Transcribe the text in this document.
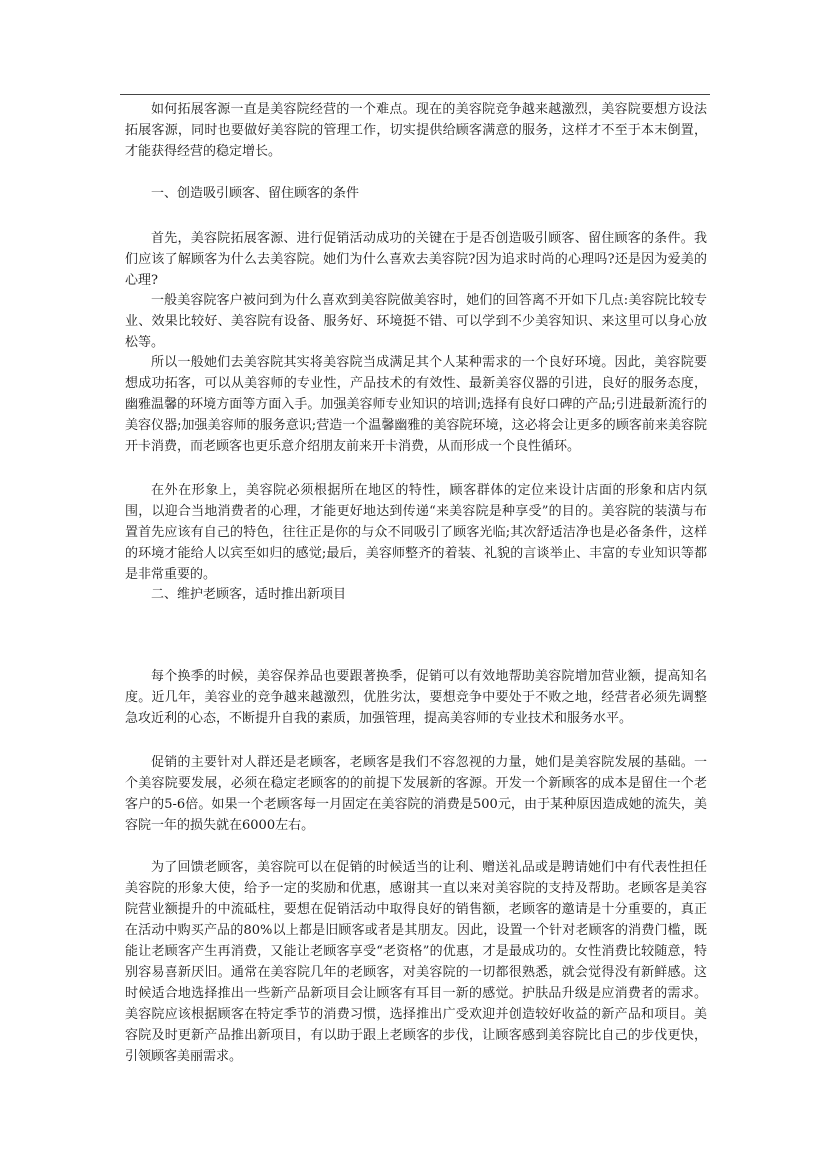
如何拓展客源一直是美容院经营的一个难点。现在的美容院竞争越来越激烈，美容院要想方设法拓展客源，同时也要做好美容院的管理工作，切实提供给顾客满意的服务，这样才不至于本末倒置，才能获得经营的稳定增长。

一、创造吸引顾客、留住顾客的条件

首先，美容院拓展客源、进行促销活动成功的关键在于是否创造吸引顾客、留住顾客的条件。我们应该了解顾客为什么去美容院。她们为什么喜欢去美容院?因为追求时尚的心理吗?还是因为爱美的心理?

一般美容院客户被问到为什么喜欢到美容院做美容时，她们的回答离不开如下几点:美容院比较专业、效果比较好、美容院有设备、服务好、环境挺不错、可以学到不少美容知识、来这里可以身心放松等。

所以一般她们去美容院其实将美容院当成满足其个人某种需求的一个良好环境。因此，美容院要想成功拓客，可以从美容师的专业性，产品技术的有效性、最新美容仪器的引进，良好的服务态度，幽雅温馨的环境方面等方面入手。加强美容师专业知识的培训;选择有良好口碑的产品;引进最新流行的美容仪器;加强美容师的服务意识;营造一个温馨幽雅的美容院环境，这必将会让更多的顾客前来美容院开卡消费，而老顾客也更乐意介绍朋友前来开卡消费，从而形成一个良性循环。

在外在形象上，美容院必须根据所在地区的特性，顾客群体的定位来设计店面的形象和店内氛围，以迎合当地消费者的心理，才能更好地达到传递“来美容院是种享受”的目的。美容院的装潢与布置首先应该有自己的特色，往往正是你的与众不同吸引了顾客光临;其次舒适洁净也是必备条件，这样的环境才能给人以宾至如归的感觉;最后，美容师整齐的着装、礼貌的言谈举止、丰富的专业知识等都是非常重要的。

二、维护老顾客，适时推出新项目

每个换季的时候，美容保养品也要跟著换季，促销可以有效地帮助美容院增加营业额，提高知名度。近几年，美容业的竞争越来越激烈，优胜劣汰，要想竞争中要处于不败之地，经营者必须先调整急攻近利的心态，不断提升自我的素质，加强管理，提高美容师的专业技术和服务水平。

促销的主要针对人群还是老顾客，老顾客是我们不容忽视的力量，她们是美容院发展的基础。一个美容院要发展，必须在稳定老顾客的的前提下发展新的客源。开发一个新顾客的成本是留住一个老客户的5-6倍。如果一个老顾客每一月固定在美容院的消费是500元，由于某种原因造成她的流失，美容院一年的损失就在6000左右。

为了回馈老顾客，美容院可以在促销的时候适当的让利、赠送礼品或是聘请她们中有代表性担任美容院的形象大使，给予一定的奖励和优惠，感谢其一直以来对美容院的支持及帮助。老顾客是美容院营业额提升的中流砥柱，要想在促销活动中取得良好的销售额，老顾客的邀请是十分重要的，真正在活动中购买产品的80%以上都是旧顾客或者是其朋友。因此，设置一个针对老顾客的消费门槛，既能让老顾客产生再消费，又能让老顾客享受“老资格”的优惠，才是最成功的。女性消费比较随意，特别容易喜新厌旧。通常在美容院几年的老顾客，对美容院的一切都很熟悉，就会觉得没有新鲜感。这时候适合地选择推出一些新产品新项目会让顾客有耳目一新的感觉。护肤品升级是应消费者的需求。美容院应该根据顾客在特定季节的消费习惯，选择推出广受欢迎并创造较好收益的新产品和项目。美容院及时更新产品推出新项目，有以助于跟上老顾客的步伐，让顾客感到美容院比自己的步伐更快，引领顾客美丽需求。
